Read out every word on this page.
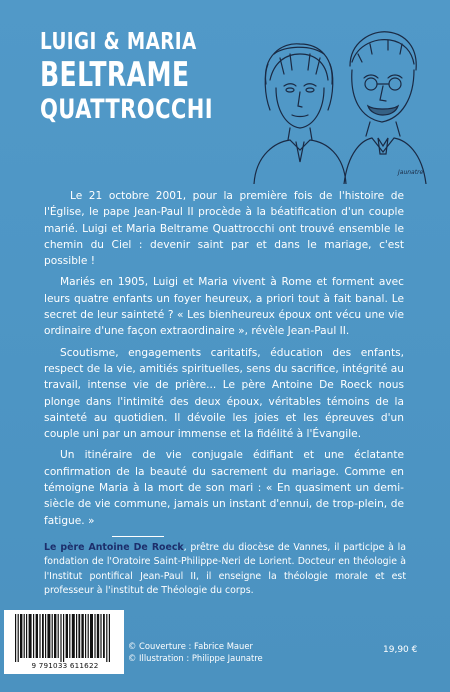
LUIGI & MARIA
BELTRAME
QUATTROCCHI
Jaunatre

Le 21 octobre 2001, pour la première fois de l'histoire de l'Église, le pape Jean-Paul II procède à la béatification d'un couple marié. Luigi et Maria Beltrame Quattrocchi ont trouvé ensemble le chemin du Ciel : devenir saint par et dans le mariage, c'est possible !

Mariés en 1905, Luigi et Maria vivent à Rome et forment avec leurs quatre enfants un foyer heureux, a priori tout à fait banal. Le secret de leur sainteté ? « Les bienheureux époux ont vécu une vie ordinaire d'une façon extraordinaire », révèle Jean-Paul II.

Scoutisme, engagements caritatifs, éducation des enfants, respect de la vie, amitiés spirituelles, sens du sacrifice, intégrité au travail, intense vie de prière... Le père Antoine De Roeck nous plonge dans l'intimité des deux époux, véritables témoins de la sainteté au quotidien. Il dévoile les joies et les épreuves d'un couple uni par un amour immense et la fidélité à l'Évangile.

Un itinéraire de vie conjugale édifiant et une éclatante confirmation de la beauté du sacrement du mariage. Comme en témoigne Maria à la mort de son mari : « En quasiment un demi-siècle de vie commune, jamais un instant d'ennui, de trop-plein, de fatigue. »

Le père Antoine De Roeck, prêtre du diocèse de Vannes, il participe à la fondation de l'Oratoire Saint-Philippe-Neri de Lorient. Docteur en théologie à l'Institut pontifical Jean-Paul II, il enseigne la théologie morale et est professeur à l'institut de Théologie du corps.
9 791033 611622
© Couverture : Fabrice Mauer
© Illustration : Philippe Jaunatre
19,90 €
